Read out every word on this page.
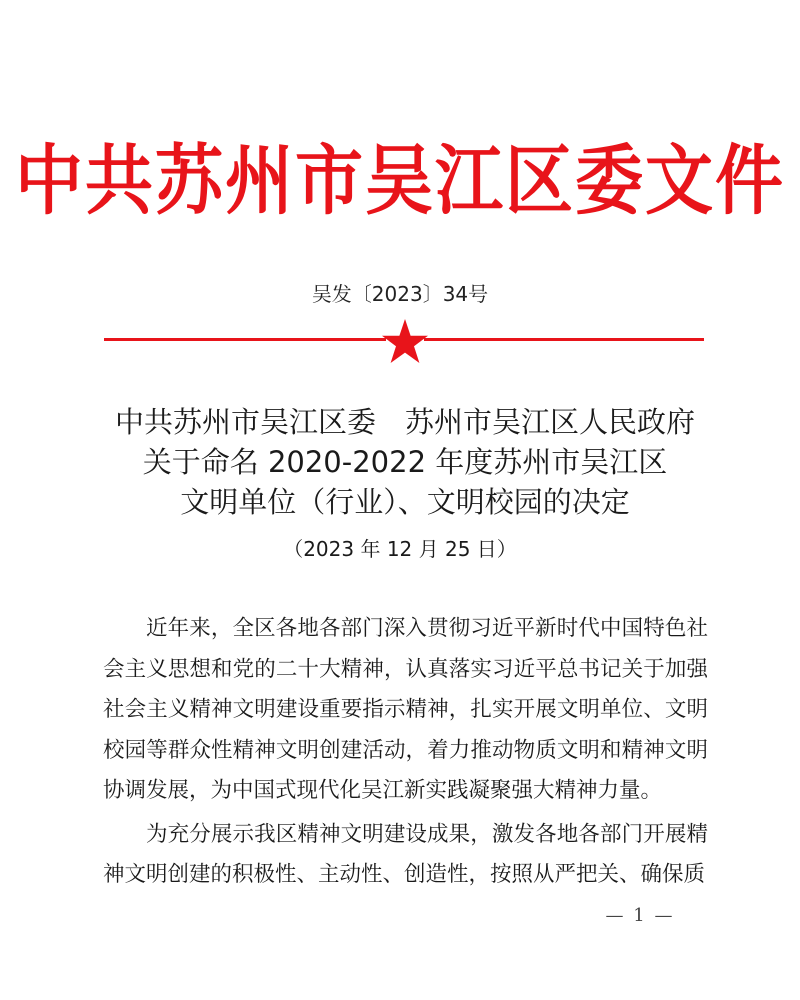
中共苏州市吴江区委文件
吴发〔2023〕34号
中共苏州市吴江区委　苏州市吴江区人民政府
关于命名 2020-2022 年度苏州市吴江区
文明单位（行业）、文明校园的决定
（2023 年 12 月 25 日）

近年来，全区各地各部门深入贯彻习近平新时代中国特色社会主义思想和党的二十大精神，认真落实习近平总书记关于加强社会主义精神文明建设重要指示精神，扎实开展文明单位、文明校园等群众性精神文明创建活动，着力推动物质文明和精神文明协调发展，为中国式现代化吴江新实践凝聚强大精神力量。

为充分展示我区精神文明建设成果，激发各地各部门开展精神文明创建的积极性、主动性、创造性，按照从严把关、确保质

— 1 —
